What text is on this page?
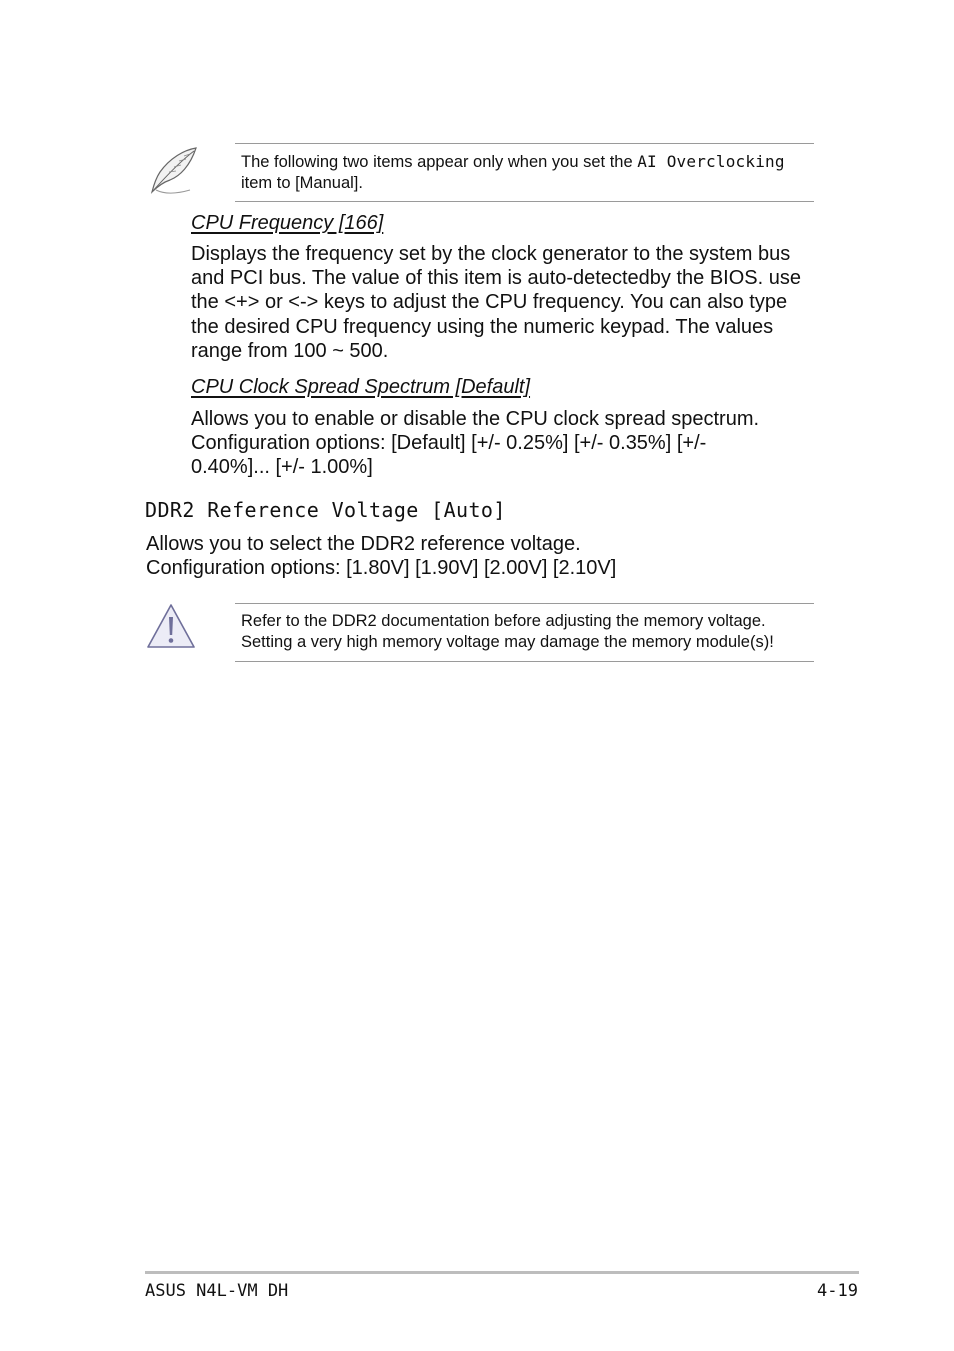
The following two items appear only when you set the AI Overclocking item to [Manual].
CPU Frequency [166]
Displays the frequency set by the clock generator to the system bus
and PCI bus. The value of this item is auto-detectedby the BIOS. use
the <+> or <-> keys to adjust the CPU frequency. You can also type
the desired CPU frequency using the numeric keypad. The values
range from 100 ~ 500.
CPU Clock Spread Spectrum [Default]
Allows you to enable or disable the CPU clock spread spectrum.
Configuration options: [Default] [+/- 0.25%] [+/- 0.35%] [+/-
0.40%]... [+/- 1.00%]
DDR2 Reference Voltage [Auto]
Allows you to select the DDR2 reference voltage.
Configuration options: [1.80V] [1.90V] [2.00V] [2.10V]
Refer to the DDR2 documentation before adjusting the memory voltage.
Setting a very high memory voltage may damage the memory module(s)!
ASUS N4L-VM DH	4-19
